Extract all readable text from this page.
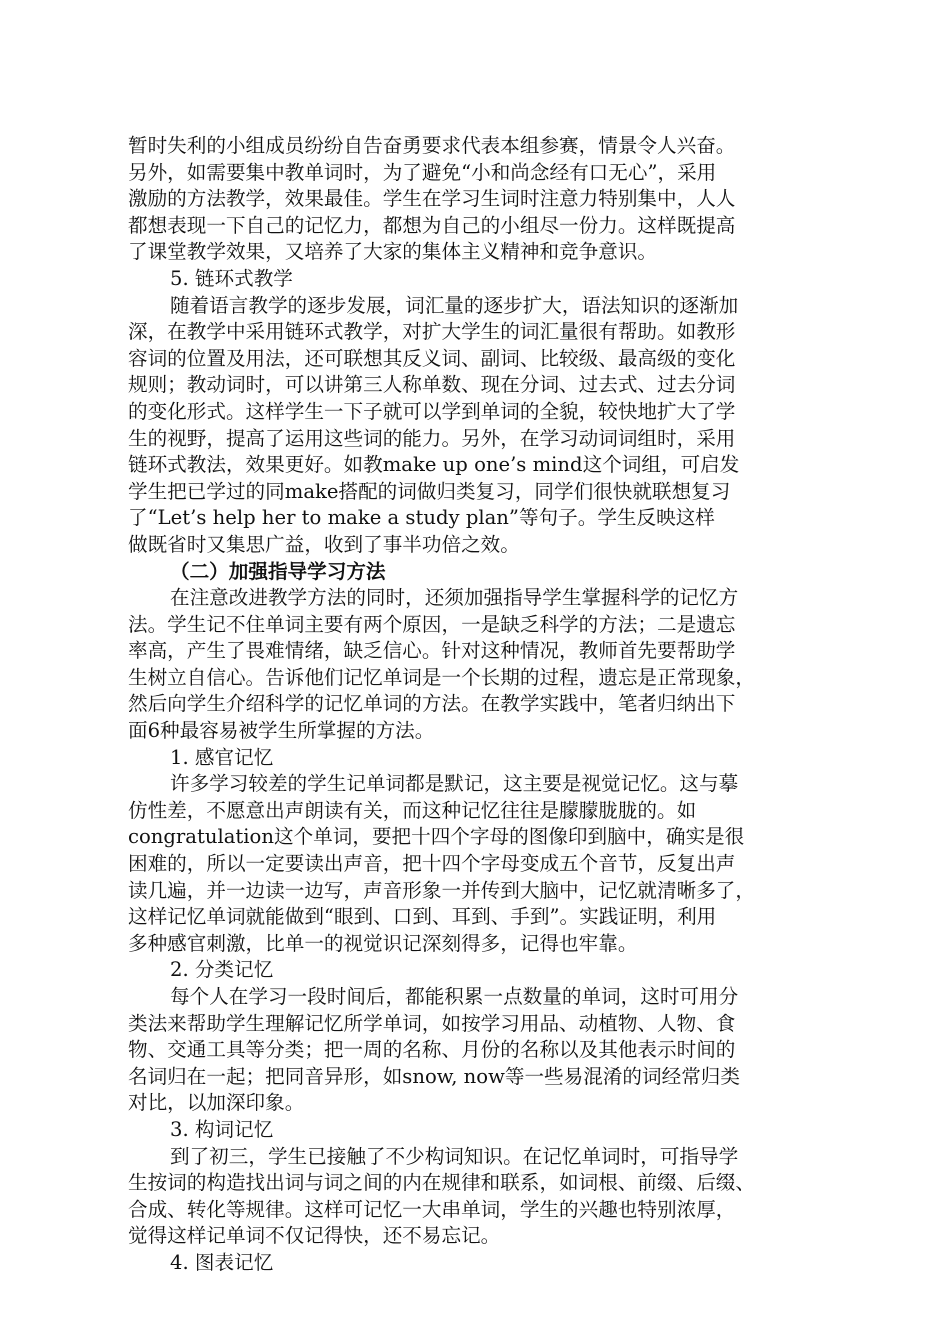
暂时失利的小组成员纷纷自告奋勇要求代表本组参赛，情景令人兴奋。
另外，如需要集中教单词时，为了避免“小和尚念经有口无心”，采用
激励的方法教学，效果最佳。学生在学习生词时注意力特别集中，人人
都想表现一下自己的记忆力，都想为自己的小组尽一份力。这样既提高
了课堂教学效果，又培养了大家的集体主义精神和竞争意识。
5. 链环式教学
随着语言教学的逐步发展，词汇量的逐步扩大，语法知识的逐渐加
深，在教学中采用链环式教学，对扩大学生的词汇量很有帮助。如教形
容词的位置及用法，还可联想其反义词、副词、比较级、最高级的变化
规则；教动词时，可以讲第三人称单数、现在分词、过去式、过去分词
的变化形式。这样学生一下子就可以学到单词的全貌，较快地扩大了学
生的视野，提高了运用这些词的能力。另外，在学习动词词组时，采用
链环式教法，效果更好。如教make up one’s mind这个词组，可启发
学生把已学过的同make搭配的词做归类复习，同学们很快就联想复习
了“Let’s help her to make a study plan”等句子。学生反映这样
做既省时又集思广益，收到了事半功倍之效。
（二）加强指导学习方法
在注意改进教学方法的同时，还须加强指导学生掌握科学的记忆方
法。学生记不住单词主要有两个原因，一是缺乏科学的方法；二是遗忘
率高，产生了畏难情绪，缺乏信心。针对这种情况，教师首先要帮助学
生树立自信心。告诉他们记忆单词是一个长期的过程，遗忘是正常现象，
然后向学生介绍科学的记忆单词的方法。在教学实践中，笔者归纳出下
面6种最容易被学生所掌握的方法。
1. 感官记忆
许多学习较差的学生记单词都是默记，这主要是视觉记忆。这与摹
仿性差，不愿意出声朗读有关，而这种记忆往往是朦朦胧胧的。如
congratulation这个单词，要把十四个字母的图像印到脑中，确实是很
困难的，所以一定要读出声音，把十四个字母变成五个音节，反复出声
读几遍，并一边读一边写，声音形象一并传到大脑中，记忆就清晰多了，
这样记忆单词就能做到“眼到、口到、耳到、手到”。实践证明，利用
多种感官刺激，比单一的视觉识记深刻得多，记得也牢靠。
2. 分类记忆
每个人在学习一段时间后，都能积累一点数量的单词，这时可用分
类法来帮助学生理解记忆所学单词，如按学习用品、动植物、人物、食
物、交通工具等分类；把一周的名称、月份的名称以及其他表示时间的
名词归在一起；把同音异形，如snow, now等一些易混淆的词经常归类
对比，以加深印象。
3. 构词记忆
到了初三，学生已接触了不少构词知识。在记忆单词时，可指导学
生按词的构造找出词与词之间的内在规律和联系，如词根、前缀、后缀、
合成、转化等规律。这样可记忆一大串单词，学生的兴趣也特别浓厚，
觉得这样记单词不仅记得快，还不易忘记。
4. 图表记忆
